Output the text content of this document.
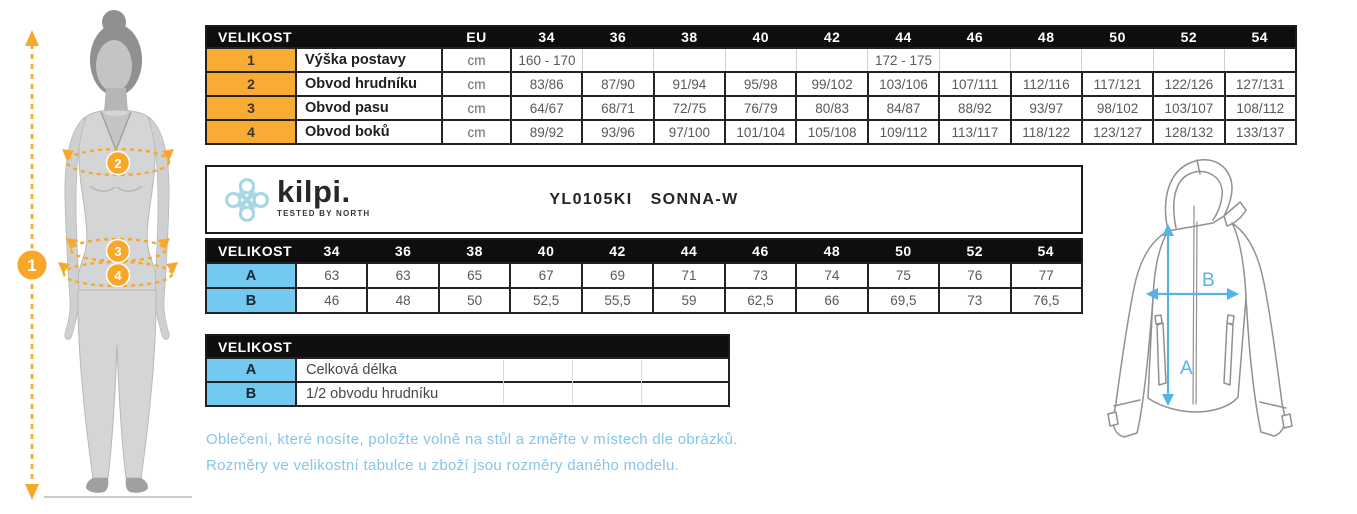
1
2
3
4
VELIKOST		EU	34	36	38	40	42	44	46	48	50	52	54
1	Výška postavy	cm	160 - 170					172 - 175					
2	Obvod hrudníku	cm	83/86	87/90	91/94	95/98	99/102	103/106	107/111	112/116	117/121	122/126	127/131
3	Obvod pasu	cm	64/67	68/71	72/75	76/79	80/83	84/87	88/92	93/97	98/102	103/107	108/112
4	Obvod boků	cm	89/92	93/96	97/100	101/104	105/108	109/112	113/117	118/122	123/127	128/132	133/137
kilpi.
TESTED BY NORTH
YL0105KI SONNA-W
VELIKOST	34	36	38	40	42	44	46	48	50	52	54
A	63	63	65	67	69	71	73	74	75	76	77
B	46	48	50	52,5	55,5	59	62,5	66	69,5	73	76,5
VELIKOST	
A	Celková délka
B	1/2 obvodu hrudníku
Oblečení, které nosíte, položte volně na stůl a změřte v místech dle obrázků.
Rozměry ve velikostní tabulce u zboží jsou rozměry daného modelu.
A
B
